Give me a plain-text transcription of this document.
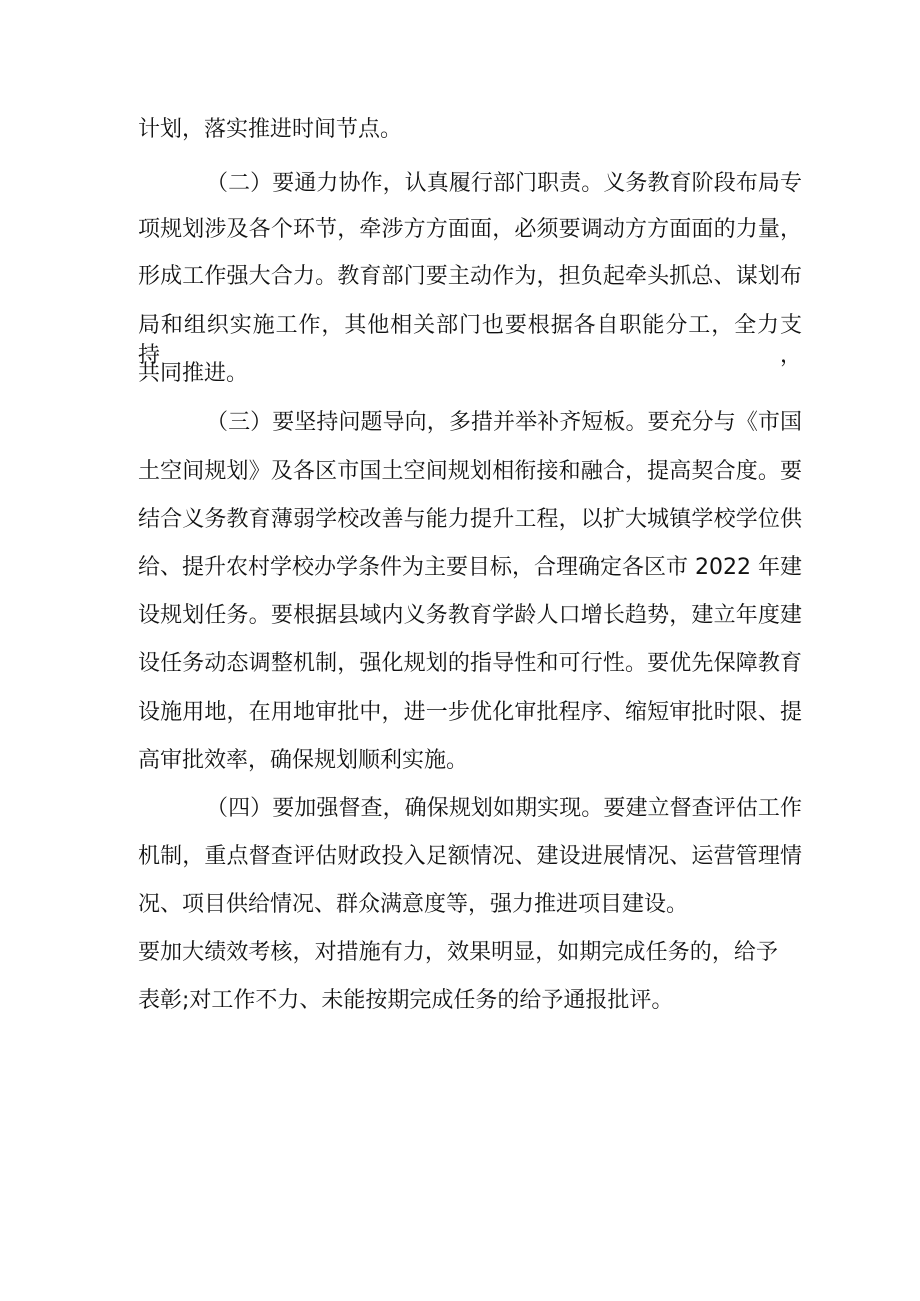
计划，落实推进时间节点。
（二）要通力协作，认真履行部门职责。义务教育阶段布局专
项规划涉及各个环节，牵涉方方面面，必须要调动方方面面的力量，
形成工作强大合力。教育部门要主动作为，担负起牵头抓总、谋划布
局和组织实施工作，其他相关部门也要根据各自职能分工，全力支持，
共同推进。
（三）要坚持问题导向，多措并举补齐短板。要充分与《市国
土空间规划》及各区市国土空间规划相衔接和融合，提高契合度。要
结合义务教育薄弱学校改善与能力提升工程，以扩大城镇学校学位供
给、提升农村学校办学条件为主要目标，合理确定各区市 2022 年建
设规划任务。要根据县域内义务教育学龄人口增长趋势，建立年度建
设任务动态调整机制，强化规划的指导性和可行性。要优先保障教育
设施用地，在用地审批中，进一步优化审批程序、缩短审批时限、提
高审批效率，确保规划顺利实施。
（四）要加强督查，确保规划如期实现。要建立督查评估工作
机制，重点督查评估财政投入足额情况、建设进展情况、运营管理情
况、项目供给情况、群众满意度等，强力推进项目建设。
要加大绩效考核，对措施有力，效果明显，如期完成任务的，给予
表彰;对工作不力、未能按期完成任务的给予通报批评。
